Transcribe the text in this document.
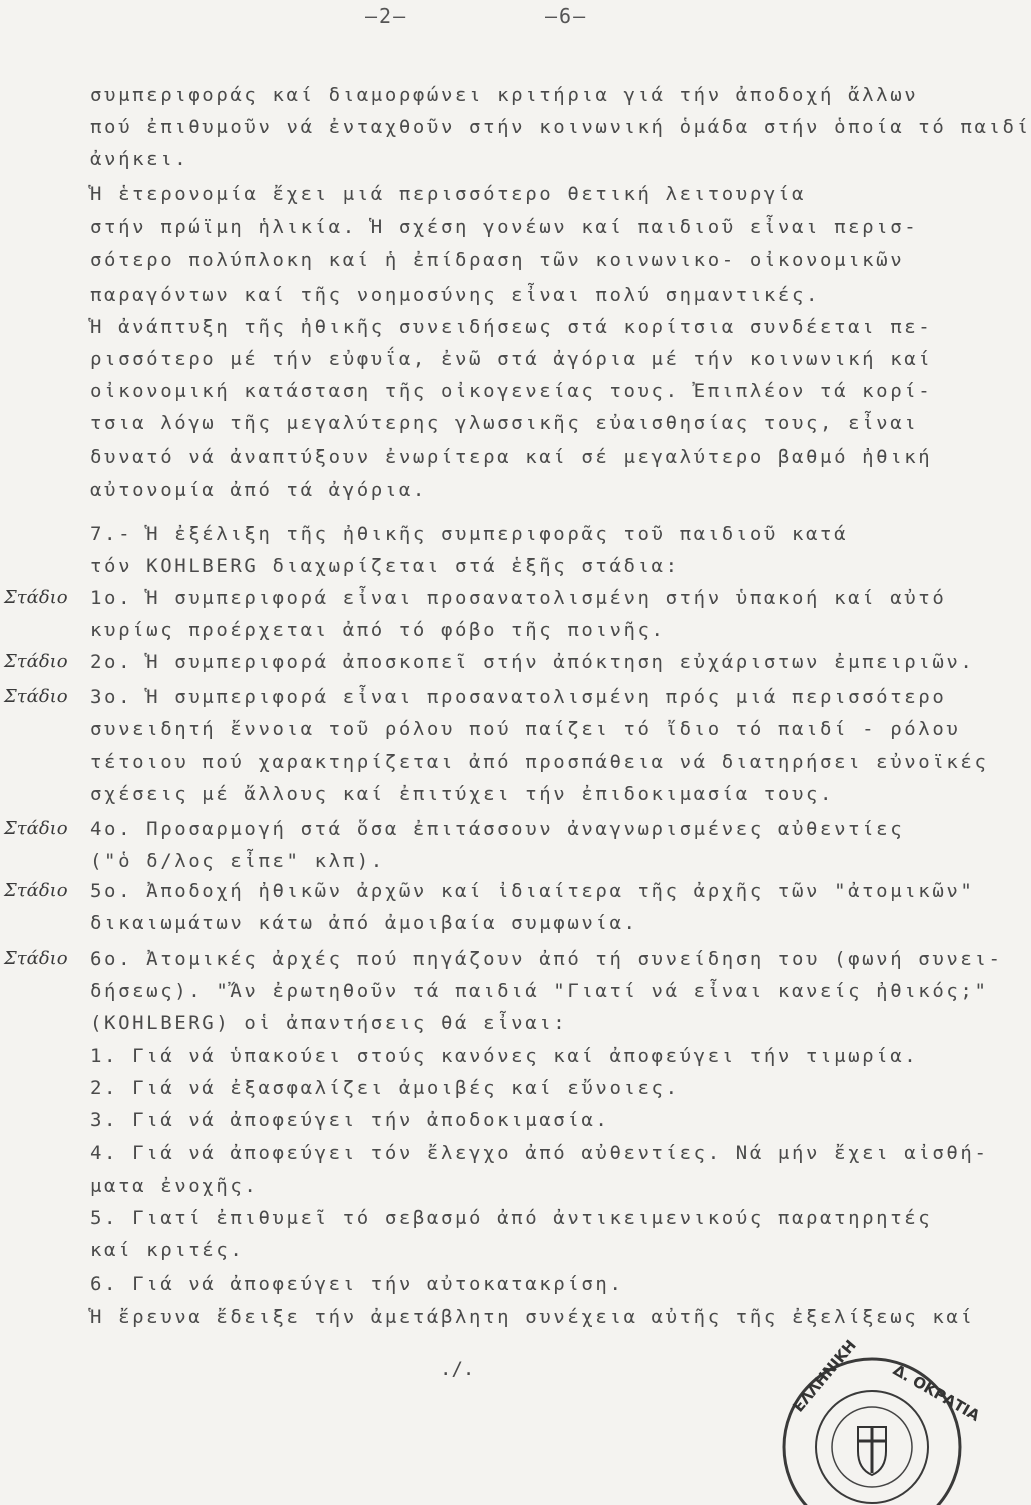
–2–	—6—
συμπεριφοράς καί διαμορφώνει κριτήρια γιά τήν ἀποδοχή ἄλλων
πού ἐπιθυμοῦν νά ἐνταχθοῦν στήν κοινωνική ὁμάδα στήν ὁποία τό παιδί
ἀνήκει.
Ἡ ἑτερονομία ἔχει μιά περισσότερο θετική λειτουργία
στήν πρώϊμη ἡλικία. Ἡ σχέση γονέων καί παιδιοῦ εἶναι περισ-
σότερο πολύπλοκη καί ἡ ἐπίδραση τῶν κοινωνικο- οἰκονομικῶν
παραγόντων καί τῆς νοημοσύνης εἶναι πολύ σημαντικές.
Ἡ ἀνάπτυξη τῆς ἠθικῆς συνειδήσεως στά κορίτσια συνδέεται πε-
ρισσότερο μέ τήν εὐφυΐα, ἐνῶ στά ἀγόρια μέ τήν κοινωνική καί
οἰκονομική κατάσταση τῆς οἰκογενείας τους. Ἐπιπλέον τά κορί-
τσια λόγω τῆς μεγαλύτερης γλωσσικῆς εὐαισθησίας τους, εἶναι
δυνατό νά ἀναπτύξουν ἐνωρίτερα καί σέ μεγαλύτερο βαθμό ἠθική
αὐτονομία ἀπό τά ἀγόρια.
7.- Ἡ ἐξέλιξη τῆς ἠθικῆς συμπεριφορᾶς τοῦ παιδιοῦ κατά
τόν KOHLBERG διαχωρίζεται στά ἑξῆς στάδια:
Στάδιο	1ο. Ἡ συμπεριφορά εἶναι προσανατολισμένη στήν ὑπακοή καί αὐτό
κυρίως προέρχεται ἀπό τό φόβο τῆς ποινῆς.
Στάδιο	2ο. Ἡ συμπεριφορά ἀποσκοπεῖ στήν ἀπόκτηση εὐχάριστων ἐμπειριῶν.
Στάδιο	3ο. Ἡ συμπεριφορά εἶναι προσανατολισμένη πρός μιά περισσότερο
συνειδητή ἔννοια τοῦ ρόλου πού παίζει τό ἴδιο τό παιδί - ρόλου
τέτοιου πού χαρακτηρίζεται ἀπό προσπάθεια νά διατηρήσει εὐνοϊκές
σχέσεις μέ ἄλλους καί ἐπιτύχει τήν ἐπιδοκιμασία τους.
Στάδιο	4ο. Προσαρμογή στά ὅσα ἐπιτάσσουν ἀναγνωρισμένες αὐθεντίες
("ὁ δ/λος εἶπε" κλπ).
Στάδιο	5ο. Ἀποδοχή ἠθικῶν ἀρχῶν καί ἰδιαίτερα τῆς ἀρχῆς τῶν "ἀτομικῶν"
δικαιωμάτων κάτω ἀπό ἀμοιβαία συμφωνία.
Στάδιο	6ο. Ἀτομικές ἀρχές πού πηγάζουν ἀπό τή συνείδηση του (φωνή συνει-
δήσεως). "Ἄν ἐρωτηθοῦν τά παιδιά "Γιατί νά εἶναι κανείς ἠθικός;"
(KOHLBERG) οἱ ἀπαντήσεις θά εἶναι:
1. Γιά νά ὑπακούει στούς κανόνες καί ἀποφεύγει τήν τιμωρία.
2. Γιά νά ἐξασφαλίζει ἀμοιβές καί εὔνοιες.
3. Γιά νά ἀποφεύγει τήν ἀποδοκιμασία.
4. Γιά νά ἀποφεύγει τόν ἔλεγχο ἀπό αὐθεντίες. Νά μήν ἔχει αἰσθή-
ματα ἐνοχῆς.
5. Γιατί ἐπιθυμεῖ τό σεβασμό ἀπό ἀντικειμενικούς παρατηρητές
καί κριτές.
6. Γιά νά ἀποφεύγει τήν αὐτοκατακρίση.
Ἡ ἔρευνα ἔδειξε τήν ἀμετάβλητη συνέχεια αὐτῆς τῆς ἐξελίξεως καί
./.	ΕΛΛΗΝΙΚΗ Δ. ΟΚΡΑΤΙΑ
